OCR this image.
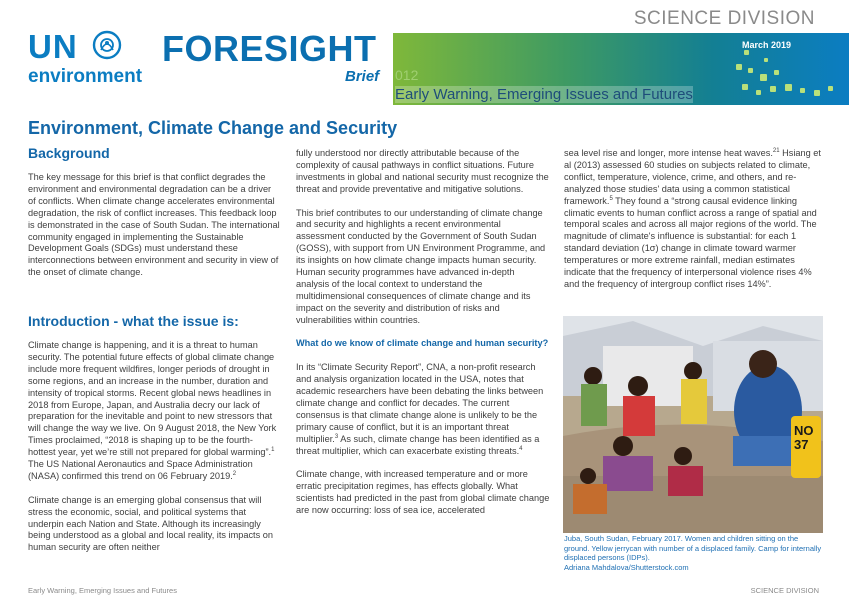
SCIENCE DIVISION
UN
environment
FORESIGHT
Brief
March 2019
012
Early Warning, Emerging Issues and Futures
Environment, Climate Change and Security
Background

The key message for this brief is that conflict degrades the environment and environmental degradation can be a driver of conflicts. When climate change accelerates environmental degradation, the risk of conflict increases. This feedback loop is demonstrated in the case of South Sudan. The international community engaged in implementing the Sustainable Development Goals (SDGs) must understand these interconnections between environment and security in view of the onset of climate change.

Introduction - what the issue is:

Climate change is happening, and it is a threat to human security. The potential future effects of global climate change include more frequent wildfires, longer periods of drought in some regions, and an increase in the number, duration and intensity of tropical storms. Recent global news headlines in 2018 from Europe, Japan, and Australia decry our lack of preparation for the inevitable and point to new stressors that will change the way we live. On 9 August 2018, the New York Times proclaimed, “2018 is shaping up to be the fourth-hottest year, yet we’re still not prepared for global warming”.$^1$ The US National Aeronautics and Space Administration (NASA) confirmed this trend on 06 February 2019.$^2$

Climate change is an emerging global consensus that will stress the economic, social, and political systems that underpin each Nation and State. Although its increasingly being understood as a global and local reality, its impacts on human security are often neither

fully understood nor directly attributable because of the complexity of causal pathways in conflict situations. Future investments in global and national security must recognize the threat and provide preventative and mitigative solutions.

This brief contributes to our understanding of climate change and security and highlights a recent environmental assessment conducted by the Government of South Sudan (GOSS), with support from UN Environment Programme, and its insights on how climate change impacts human security. Human security programmes have advanced in-depth analysis of the local context to understand the multidimensional consequences of climate change and its impact on the severity and distribution of risks and vulnerabilities within countries.

What do we know of climate change and human security?

In its “Climate Security Report”, CNA, a non-profit research and analysis organization located in the USA, notes that academic researchers have been debating the links between climate change and conflict for decades. The current consensus is that climate change alone is unlikely to be the primary cause of conflict, but it is an important threat multiplier.$^3$ As such, climate change has been identified as a threat multiplier, which can exacerbate existing threats.$^4$

Climate change, with increased temperature and or more erratic precipitation regimes, has effects globally. What scientists had predicted in the past from global climate change are now occurring: loss of sea ice, accelerated

sea level rise and longer, more intense heat waves.$^{21}$ Hsiang et al (2013) assessed 60 studies on subjects related to climate, conflict, temperature, violence, crime, and others, and re-analyzed those studies' data using a common statistical framework.$^5$ They found a “strong causal evidence linking climatic events to human conflict across a range of spatial and temporal scales and across all major regions of the world. The magnitude of climate's influence is substantial: for each 1 standard deviation (1σ) change in climate toward warmer temperatures or more extreme rainfall, median estimates indicate that the frequency of interpersonal violence rises 4% and the frequency of intergroup conflict rises 14%”.

NO
37
Juba, South Sudan, February 2017. Women and children sitting on the ground. Yellow jerrycan with number of a displaced family. Camp for internally displaced persons (IDPs).
Adriana Mahdalova/Shutterstock.com
Early Warning, Emerging Issues and Futures	SCIENCE DIVISION
